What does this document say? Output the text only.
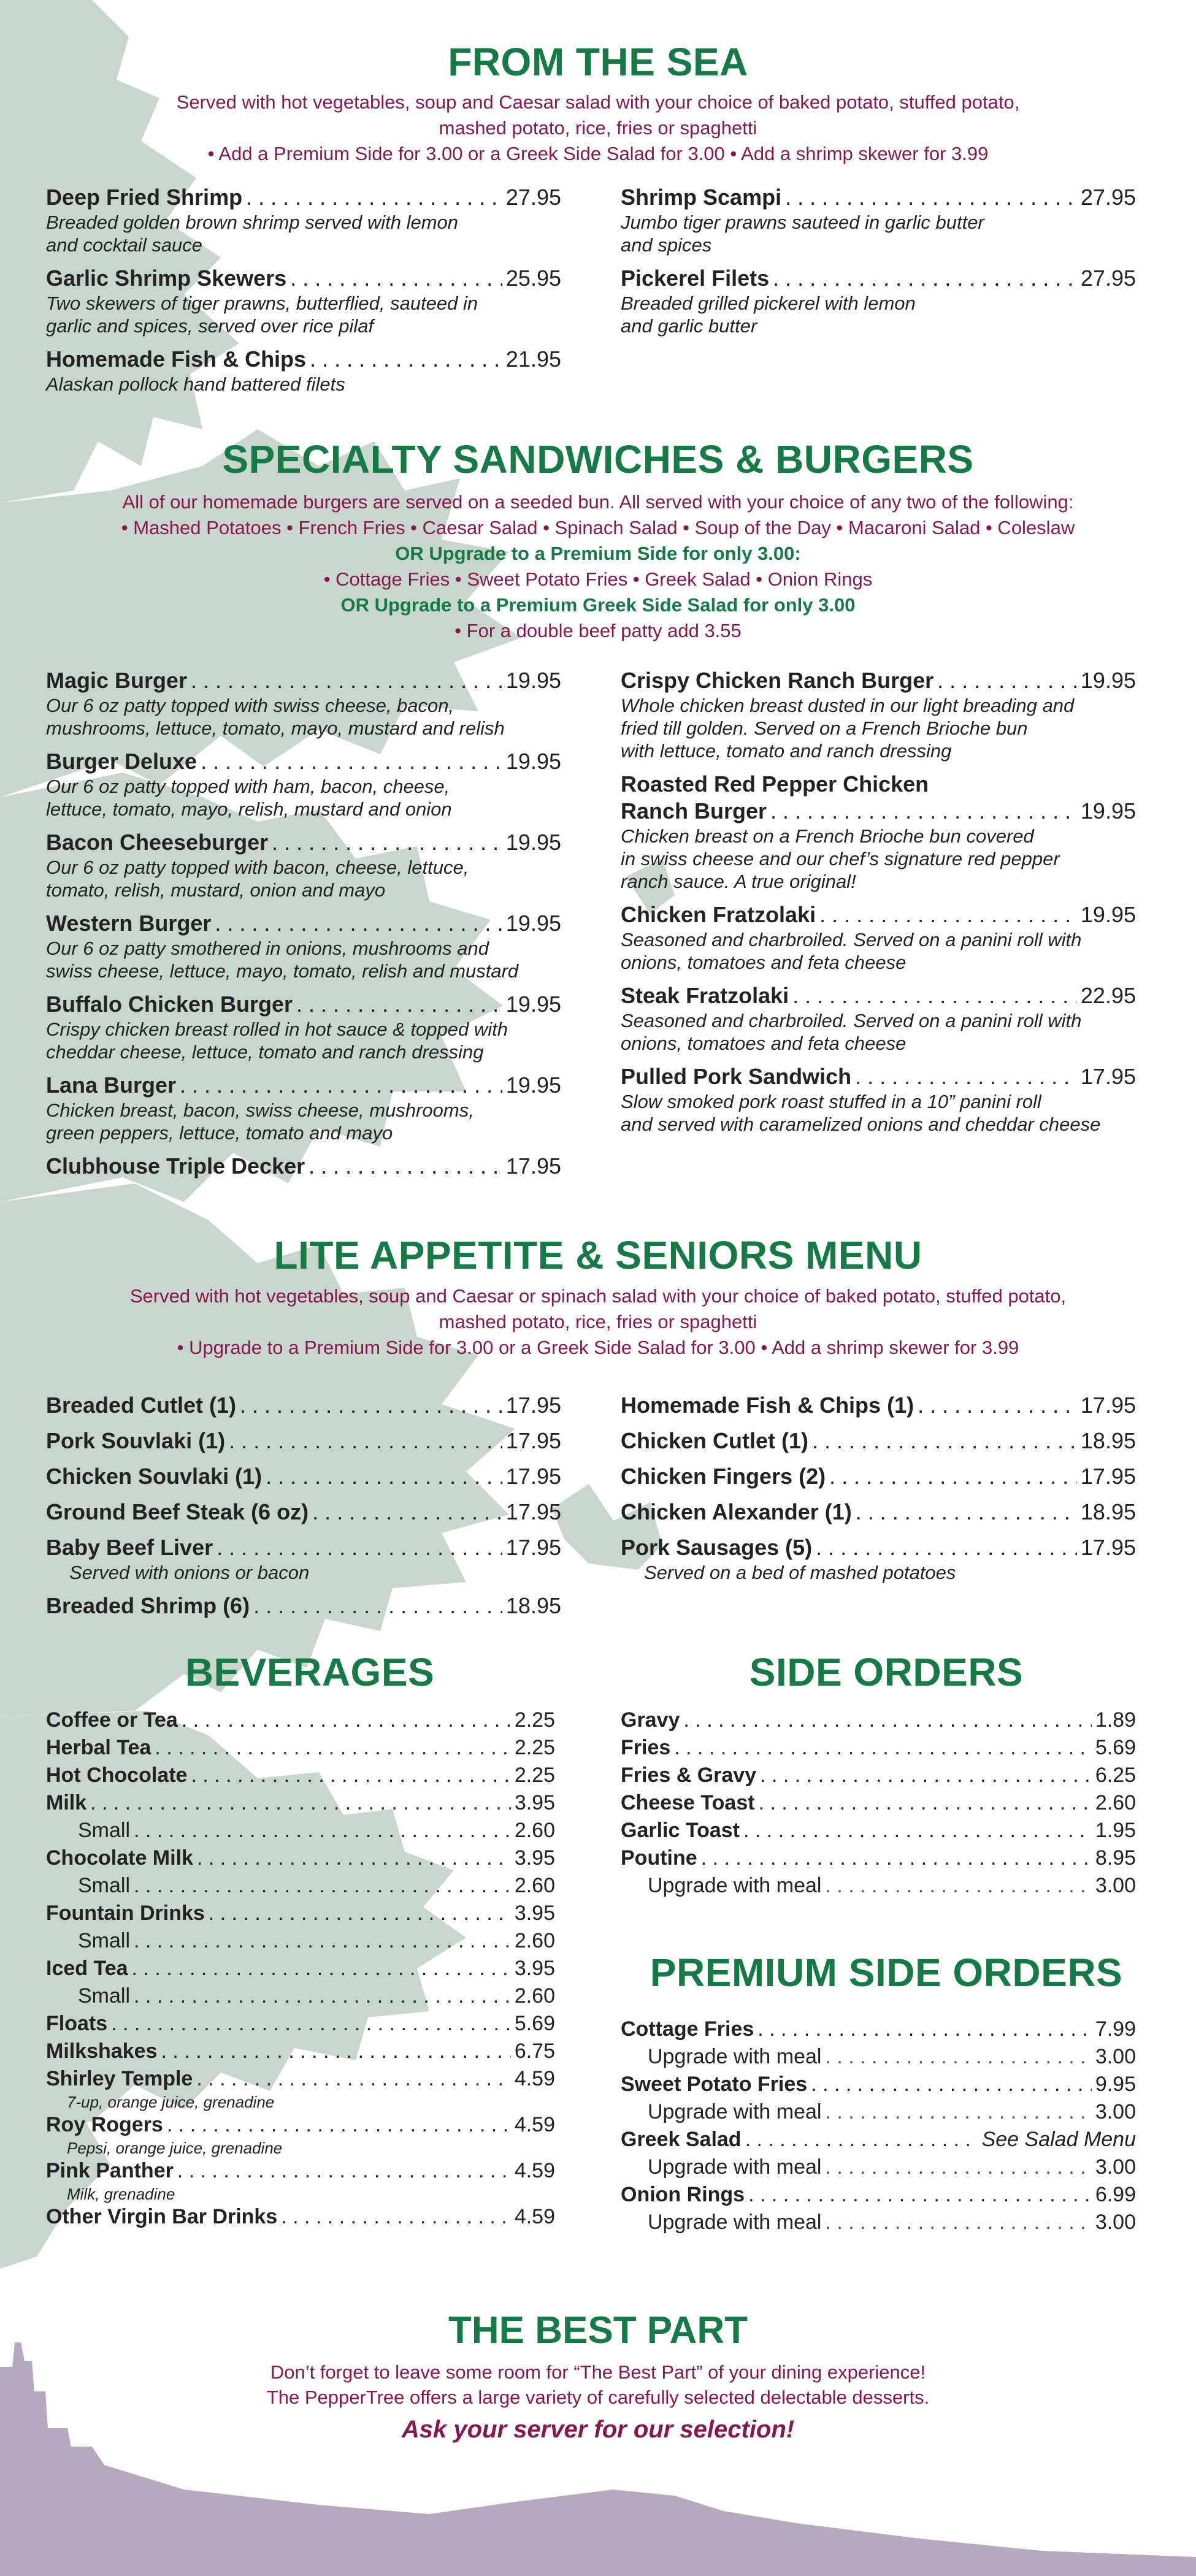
FROM THE SEA
Served with hot vegetables, soup and Caesar salad with your choice of baked potato, stuffed potato,
mashed potato, rice, fries or spaghetti
• Add a Premium Side for 3.00 or a Greek Side Salad for 3.00 • Add a shrimp skewer for 3.99
Deep Fried Shrimp . . .	27.95
Breaded golden brown shrimp served with lemon
and cocktail sauce
Garlic Shrimp Skewers . . .	25.95
Two skewers of tiger prawns, butterflied, sauteed in
garlic and spices, served over rice pilaf
Homemade Fish & Chips . . .	21.95
Alaskan pollock hand battered filets
Shrimp Scampi . . .	27.95
Jumbo tiger prawns sauteed in garlic butter
and spices
Pickerel Filets . . .	27.95
Breaded grilled pickerel with lemon
and garlic butter
SPECIALTY SANDWICHES & BURGERS
All of our homemade burgers are served on a seeded bun. All served with your choice of any two of the following:
• Mashed Potatoes • French Fries • Caesar Salad • Spinach Salad • Soup of the Day • Macaroni Salad • Coleslaw
OR Upgrade to a Premium Side for only 3.00:
• Cottage Fries • Sweet Potato Fries • Greek Salad • Onion Rings
OR Upgrade to a Premium Greek Side Salad for only 3.00
• For a double beef patty add 3.55
Magic Burger . . .	19.95
Our 6 oz patty topped with swiss cheese, bacon,
mushrooms, lettuce, tomato, mayo, mustard and relish
Burger Deluxe . . .	19.95
Our 6 oz patty topped with ham, bacon, cheese,
lettuce, tomato, mayo, relish, mustard and onion
Bacon Cheeseburger . . .	19.95
Our 6 oz patty topped with bacon, cheese, lettuce,
tomato, relish, mustard, onion and mayo
Western Burger . . .	19.95
Our 6 oz patty smothered in onions, mushrooms and
swiss cheese, lettuce, mayo, tomato, relish and mustard
Buffalo Chicken Burger . . .	19.95
Crispy chicken breast rolled in hot sauce & topped with
cheddar cheese, lettuce, tomato and ranch dressing
Lana Burger . . .	19.95
Chicken breast, bacon, swiss cheese, mushrooms,
green peppers, lettuce, tomato and mayo
Clubhouse Triple Decker . . .	17.95
Crispy Chicken Ranch Burger . . .	19.95
Whole chicken breast dusted in our light breading and
fried till golden. Served on a French Brioche bun
with lettuce, tomato and ranch dressing
Roasted Red Pepper Chicken
Ranch Burger . . .	19.95
Chicken breast on a French Brioche bun covered
in swiss cheese and our chef’s signature red pepper
ranch sauce. A true original!
Chicken Fratzolaki . . .	19.95
Seasoned and charbroiled. Served on a panini roll with
onions, tomatoes and feta cheese
Steak Fratzolaki . . .	22.95
Seasoned and charbroiled. Served on a panini roll with
onions, tomatoes and feta cheese
Pulled Pork Sandwich . . .	17.95
Slow smoked pork roast stuffed in a 10” panini roll
and served with caramelized onions and cheddar cheese
LITE APPETITE & SENIORS MENU
Served with hot vegetables, soup and Caesar or spinach salad with your choice of baked potato, stuffed potato,
mashed potato, rice, fries or spaghetti
• Upgrade to a Premium Side for 3.00 or a Greek Side Salad for 3.00 • Add a shrimp skewer for 3.99
Breaded Cutlet (1) . . .	17.95
Pork Souvlaki (1) . . .	17.95
Chicken Souvlaki (1) . . .	17.95
Ground Beef Steak (6 oz) . . .	17.95
Baby Beef Liver . . .	17.95
Served with onions or bacon
Breaded Shrimp (6) . . .	18.95
Homemade Fish & Chips (1) . . .	17.95
Chicken Cutlet (1) . . .	18.95
Chicken Fingers (2) . . .	17.95
Chicken Alexander (1) . . .	18.95
Pork Sausages (5) . . .	17.95
Served on a bed of mashed potatoes
BEVERAGES
Coffee or Tea . . .	2.25
Herbal Tea . . .	2.25
Hot Chocolate . . .	2.25
Milk . . .	3.95
Small . . .	2.60
Chocolate Milk . . .	3.95
Small . . .	2.60
Fountain Drinks . . .	3.95
Small . . .	2.60
Iced Tea . . .	3.95
Small . . .	2.60
Floats . . .	5.69
Milkshakes . . .	6.75
Shirley Temple . . .	4.59
7-up, orange juice, grenadine
Roy Rogers . . .	4.59
Pepsi, orange juice, grenadine
Pink Panther . . .	4.59
Milk, grenadine
Other Virgin Bar Drinks . . .	4.59
SIDE ORDERS
Gravy . . .	1.89
Fries . . .	5.69
Fries & Gravy . . .	6.25
Cheese Toast . . .	2.60
Garlic Toast . . .	1.95
Poutine . . .	8.95
Upgrade with meal . . .	3.00
PREMIUM SIDE ORDERS
Cottage Fries . . .	7.99
Upgrade with meal . . .	3.00
Sweet Potato Fries . . .	9.95
Upgrade with meal . . .	3.00
Greek Salad . . .	See Salad Menu
Upgrade with meal . . .	3.00
Onion Rings . . .	6.99
Upgrade with meal . . .	3.00
THE BEST PART
Don’t forget to leave some room for “The Best Part” of your dining experience!
The PepperTree offers a large variety of carefully selected delectable desserts.
Ask your server for our selection!
